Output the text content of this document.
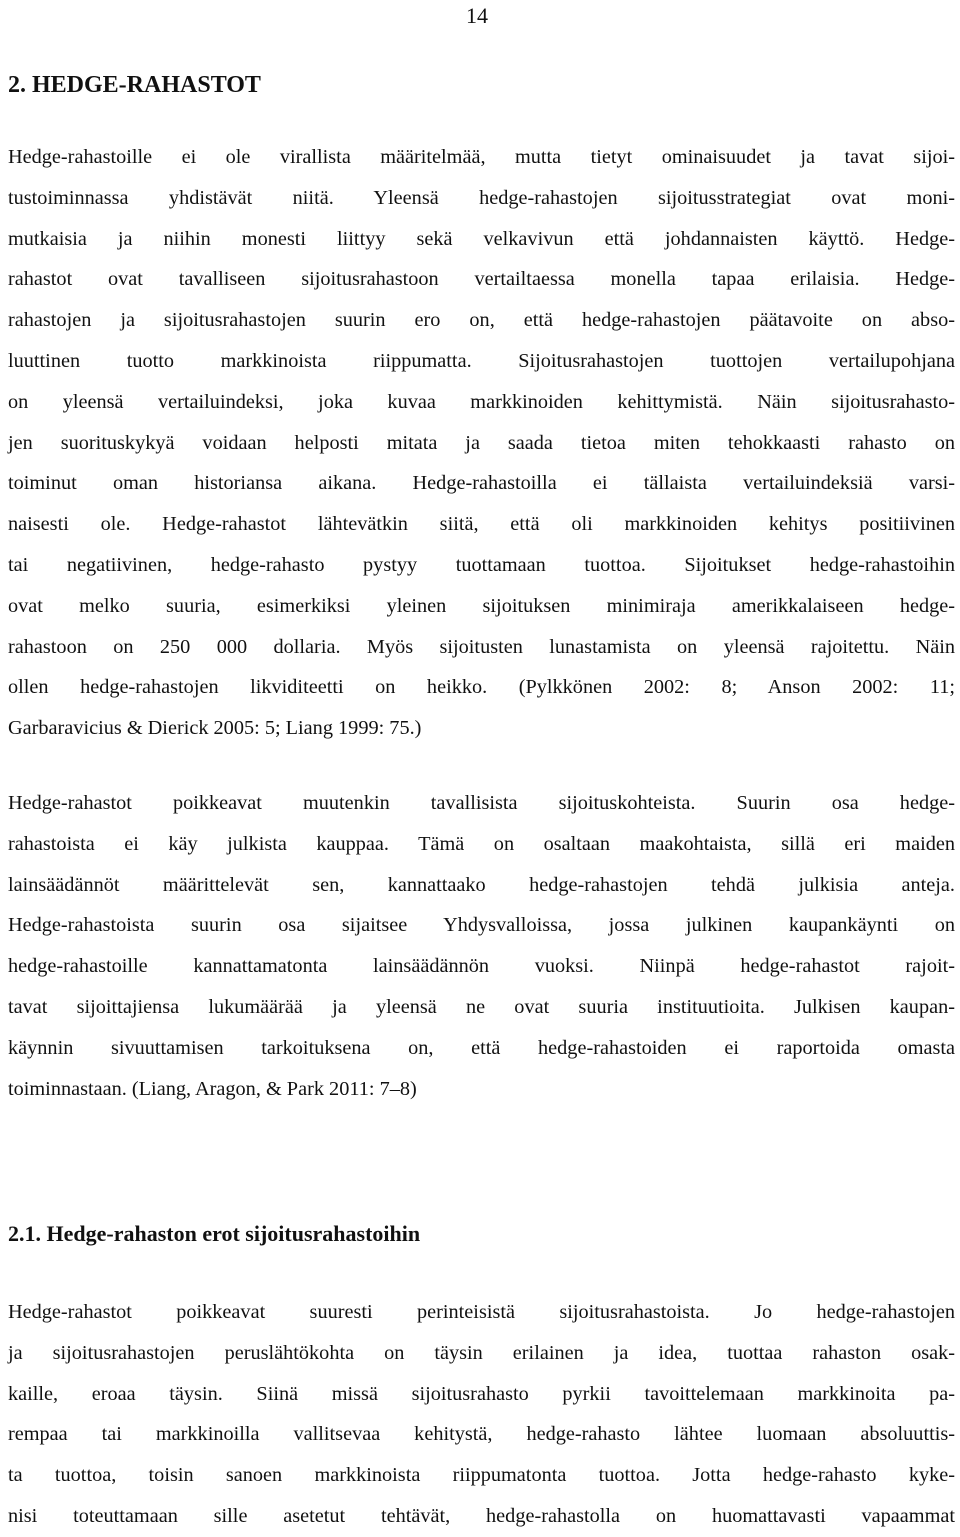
14
2. HEDGE-RAHASTOT
Hedge-rahastoille ei ole virallista määritelmää, mutta tietyt ominaisuudet ja tavat sijoi-
tustoiminnassa yhdistävät niitä. Yleensä hedge-rahastojen sijoitusstrategiat ovat moni-
mutkaisia ja niihin monesti liittyy sekä velkavivun että johdannaisten käyttö. Hedge-
rahastot ovat tavalliseen sijoitusrahastoon vertailtaessa monella tapaa erilaisia. Hedge-
rahastojen ja sijoitusrahastojen suurin ero on, että hedge-rahastojen päätavoite on abso-
luuttinen tuotto markkinoista riippumatta. Sijoitusrahastojen tuottojen vertailupohjana
on yleensä vertailuindeksi, joka kuvaa markkinoiden kehittymistä. Näin sijoitusrahasto-
jen suorituskykyä voidaan helposti mitata ja saada tietoa miten tehokkaasti rahasto on
toiminut oman historiansa aikana. Hedge-rahastoilla ei tällaista vertailuindeksiä varsi-
naisesti ole. Hedge-rahastot lähtevätkin siitä, että oli markkinoiden kehitys positiivinen
tai negatiivinen, hedge-rahasto pystyy tuottamaan tuottoa. Sijoitukset hedge-rahastoihin
ovat melko suuria, esimerkiksi yleinen sijoituksen minimiraja amerikkalaiseen hedge-
rahastoon on 250 000 dollaria. Myös sijoitusten lunastamista on yleensä rajoitettu. Näin
ollen hedge-rahastojen likviditeetti on heikko. (Pylkkönen 2002: 8; Anson 2002: 11;
Garbaravicius & Dierick 2005: 5; Liang 1999: 75.)
Hedge-rahastot poikkeavat muutenkin tavallisista sijoituskohteista. Suurin osa hedge-
rahastoista ei käy julkista kauppaa. Tämä on osaltaan maakohtaista, sillä eri maiden
lainsäädännöt määrittelevät sen, kannattaako hedge-rahastojen tehdä julkisia anteja.
Hedge-rahastoista suurin osa sijaitsee Yhdysvalloissa, jossa julkinen kaupankäynti on
hedge-rahastoille kannattamatonta lainsäädännön vuoksi. Niinpä hedge-rahastot rajoit-
tavat sijoittajiensa lukumäärää ja yleensä ne ovat suuria instituutioita. Julkisen kaupan-
käynnin sivuuttamisen tarkoituksena on, että hedge-rahastoiden ei raportoida omasta
toiminnastaan. (Liang, Aragon, & Park 2011: 7–8)
2.1. Hedge-rahaston erot sijoitusrahastoihin
Hedge-rahastot poikkeavat suuresti perinteisistä sijoitusrahastoista. Jo hedge-rahastojen
ja sijoitusrahastojen peruslähtökohta on täysin erilainen ja idea, tuottaa rahaston osak-
kaille, eroaa täysin. Siinä missä sijoitusrahasto pyrkii tavoittelemaan markkinoita pa-
rempaa tai markkinoilla vallitsevaa kehitystä, hedge-rahasto lähtee luomaan absoluuttis-
ta tuottoa, toisin sanoen markkinoista riippumatonta tuottoa. Jotta hedge-rahasto kyke-
nisi toteuttamaan sille asetetut tehtävät, hedge-rahastolla on huomattavasti vapaammat
